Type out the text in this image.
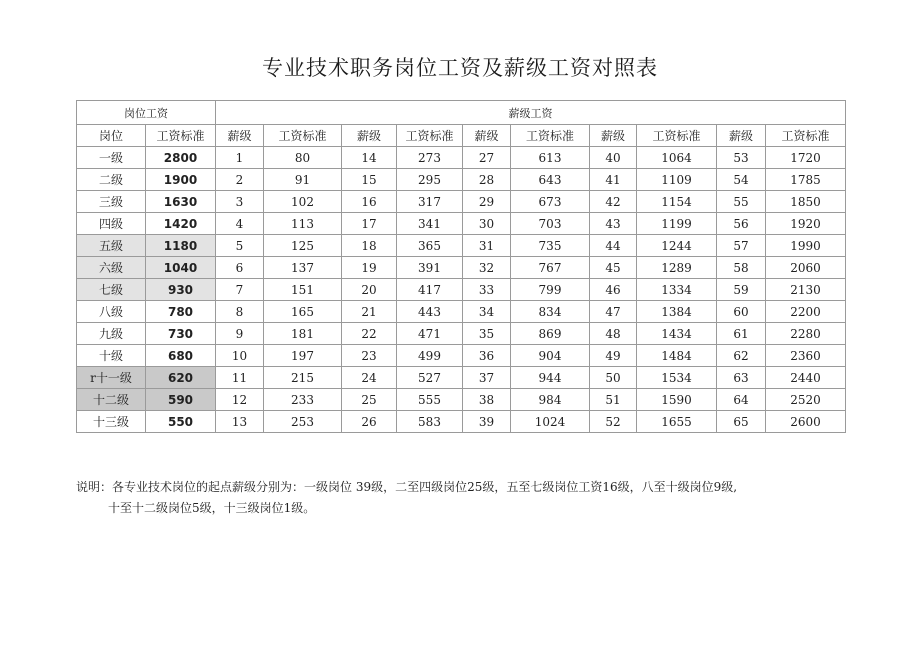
专业技术职务岗位工资及薪级工资对照表
岗位工资		薪级工资									
岗位	工资标准	薪级	工资标准	薪级	工资标准	薪级	工资标准	薪级	工资标准	薪级	工资标准
一级	2800	1	80	14	273	27	613	40	1064	53	1720
二级	1900	2	91	15	295	28	643	41	1109	54	1785
三级	1630	3	102	16	317	29	673	42	1154	55	1850
四级	1420	4	113	17	341	30	703	43	1199	56	1920
五级	1180	5	125	18	365	31	735	44	1244	57	1990
六级	1040	6	137	19	391	32	767	45	1289	58	2060
七级	930	7	151	20	417	33	799	46	1334	59	2130
八级	780	8	165	21	443	34	834	47	1384	60	2200
九级	730	9	181	22	471	35	869	48	1434	61	2280
十级	680	10	197	23	499	36	904	49	1484	62	2360
r十一级	620	11	215	24	527	37	944	50	1534	63	2440
十二级	590	12	233	25	555	38	984	51	1590	64	2520
十三级	550	13	253	26	583	39	1024	52	1655	65	2600
说明：各专业技术岗位的起点薪级分别为：一级岗位 39级，二至四级岗位25级，五至七级岗位工资16级，八至十级岗位9级,
十至十二级岗位5级，十三级岗位1级。
